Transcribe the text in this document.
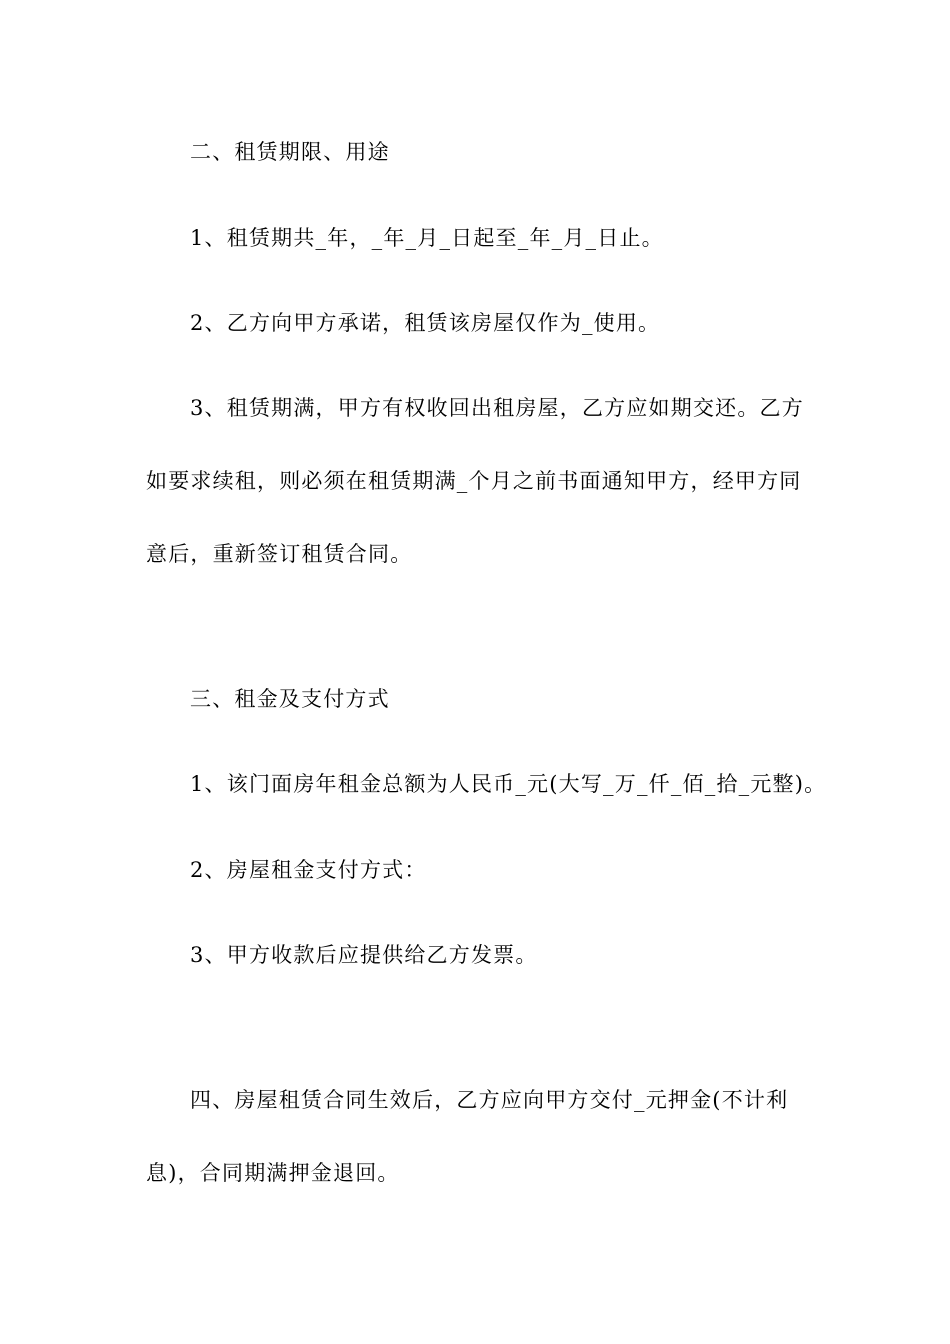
二、租赁期限、用途
1、租赁期共_年，_年_月_日起至_年_月_日止。
2、乙方向甲方承诺，租赁该房屋仅作为_使用。
3、租赁期满，甲方有权收回出租房屋，乙方应如期交还。乙方
如要求续租，则必须在租赁期满_个月之前书面通知甲方，经甲方同
意后，重新签订租赁合同。
三、租金及支付方式
1、该门面房年租金总额为人民币_元(大写_万_仟_佰_拾_元整)。
2、房屋租金支付方式：
3、甲方收款后应提供给乙方发票。
四、房屋租赁合同生效后，乙方应向甲方交付_元押金(不计利
息)，合同期满押金退回。
